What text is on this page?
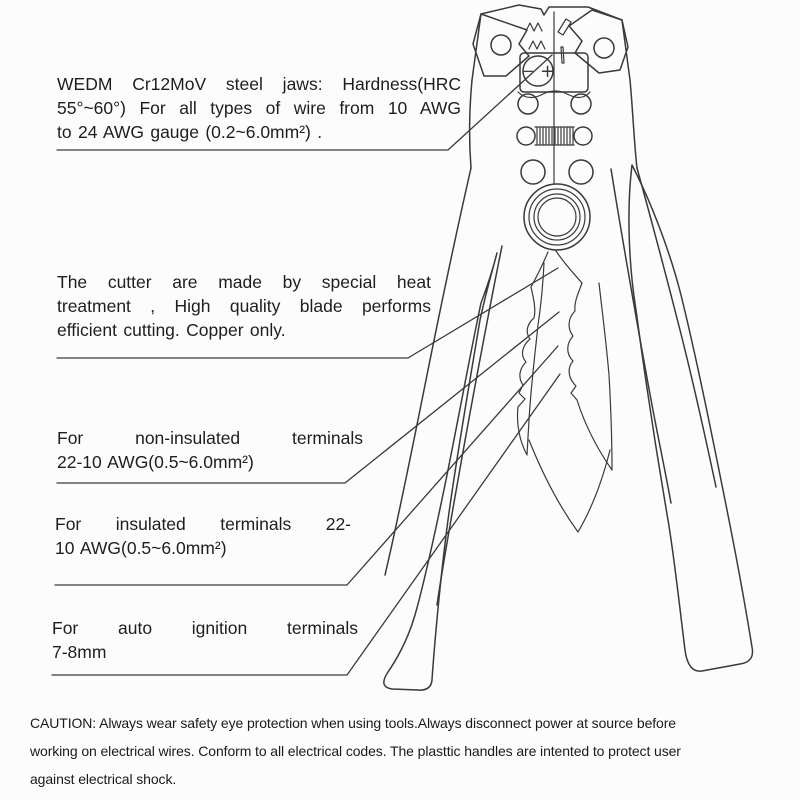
− +
WEDM Cr12MoV steel jaws: Hardness(HRC
55°~60°) For all types of wire from 10 AWG
to 24 AWG gauge (0.2~6.0mm²) .
The cutter are made by special heat
treatment , High quality blade performs
efficient cutting. Copper only.
For non-insulated terminals
22-10 AWG(0.5~6.0mm²)
For insulated terminals 22-
10 AWG(0.5~6.0mm²)
For auto ignition terminals
7-8mm
CAUTION: Always wear safety eye protection when using tools.Always disconnect power at source before
working on electrical wires. Conform to all electrical codes. The plasttic handles are intented to protect user
against electrical shock.
